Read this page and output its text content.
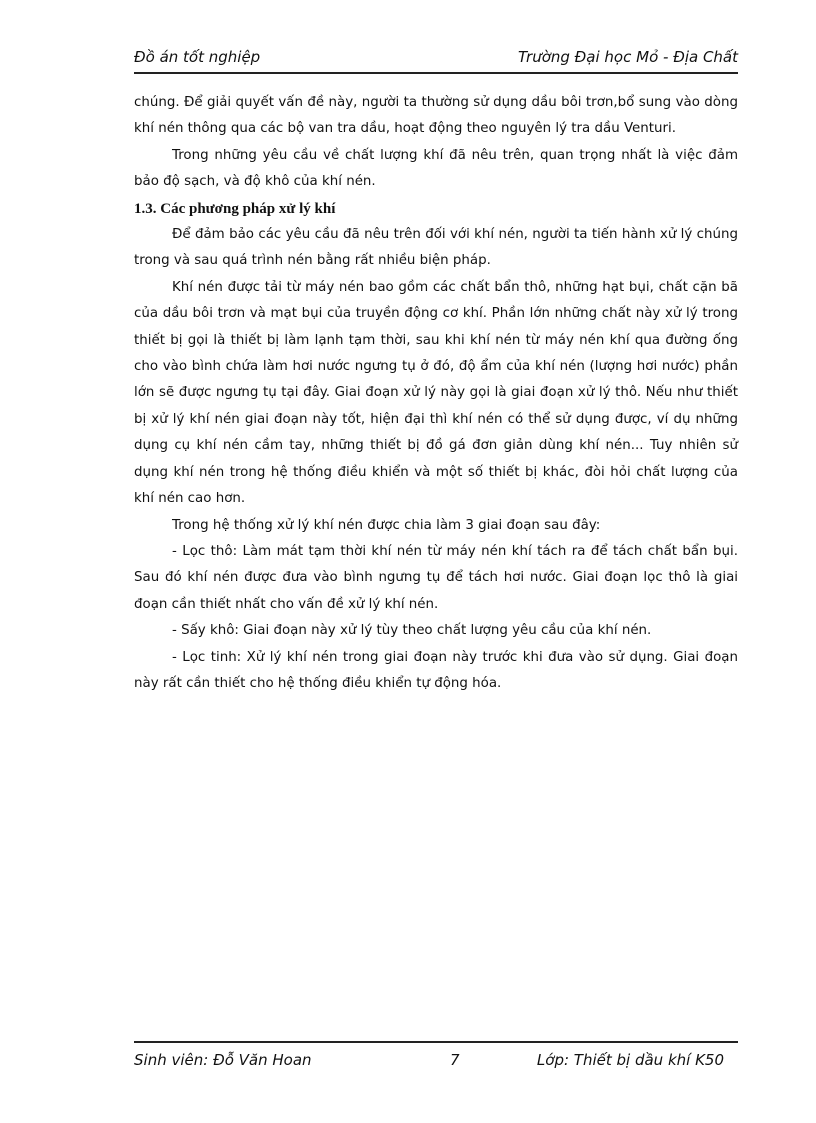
Đồ án tốt nghiệp	Trường Đại học Mỏ - Địa Chất

chúng. Để giải quyết vấn đề này, người ta thường sử dụng dầu bôi trơn,bổ sung vào dòng khí nén thông qua các bộ van tra dầu, hoạt động theo nguyên lý tra dầu Venturi.

Trong những yêu cầu về chất lượng khí đã nêu trên, quan trọng nhất là việc đảm bảo độ sạch, và độ khô của khí nén.

1.3. Các phương pháp xử lý khí

Để đảm bảo các yêu cầu đã nêu trên đối với khí nén, người ta tiến hành xử lý chúng trong và sau quá trình nén bằng rất nhiều biện pháp.

Khí nén được tải từ máy nén bao gồm các chất bẩn thô, những hạt bụi, chất cặn bã của dầu bôi trơn và mạt bụi của truyền động cơ khí. Phần lớn những chất này xử lý trong thiết bị gọi là thiết bị làm lạnh tạm thời, sau khi khí nén từ máy nén khí qua đường ống cho vào bình chứa làm hơi nước ngưng tụ ở đó, độ ẩm của khí nén (lượng hơi nước) phần lớn sẽ được ngưng tụ tại đây. Giai đoạn xử lý này gọi là giai đoạn xử lý thô. Nếu như thiết bị xử lý khí nén giai đoạn này tốt, hiện đại thì khí nén có thể sử dụng được, ví dụ những dụng cụ khí nén cầm tay, những thiết bị đồ gá đơn giản dùng khí nén... Tuy nhiên sử dụng khí nén trong hệ thống điều khiển và một số thiết bị khác, đòi hỏi chất lượng của khí nén cao hơn.

Trong hệ thống xử lý khí nén được chia làm 3 giai đoạn sau đây:

- Lọc thô: Làm mát tạm thời khí nén từ máy nén khí tách ra để tách chất bẩn bụi. Sau đó khí nén được đưa vào bình ngưng tụ để tách hơi nước. Giai đoạn lọc thô là giai đoạn cần thiết nhất cho vấn đề xử lý khí nén.

- Sấy khô: Giai đoạn này xử lý tùy theo chất lượng yêu cầu của khí nén.

- Lọc tinh: Xử lý khí nén trong giai đoạn này trước khi đưa vào sử dụng. Giai đoạn này rất cần thiết cho hệ thống điều khiển tự động hóa.

Sinh viên: Đỗ Văn Hoan	7	Lớp: Thiết bị dầu khí K50
